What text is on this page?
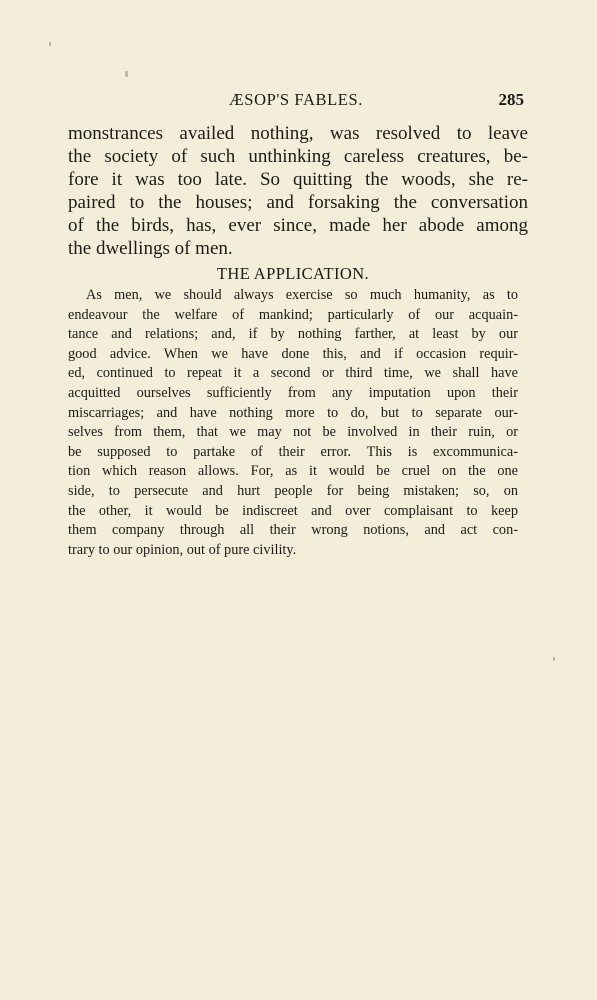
ÆSOP'S FABLES.	285
monstrances availed nothing, was resolved to leave
the society of such unthinking careless creatures, be-
fore it was too late. So quitting the woods, she re-
paired to the houses; and forsaking the conversation
of the birds, has, ever since, made her abode among
the dwellings of men.
THE APPLICATION.
As men, we should always exercise so much humanity, as to
endeavour the welfare of mankind; particularly of our acquain-
tance and relations; and, if by nothing farther, at least by our
good advice. When we have done this, and if occasion requir-
ed, continued to repeat it a second or third time, we shall have
acquitted ourselves sufficiently from any imputation upon their
miscarriages; and have nothing more to do, but to separate our-
selves from them, that we may not be involved in their ruin, or
be supposed to partake of their error. This is excommunica-
tion which reason allows. For, as it would be cruel on the one
side, to persecute and hurt people for being mistaken; so, on
the other, it would be indiscreet and over complaisant to keep
them company through all their wrong notions, and act con-
trary to our opinion, out of pure civility.
